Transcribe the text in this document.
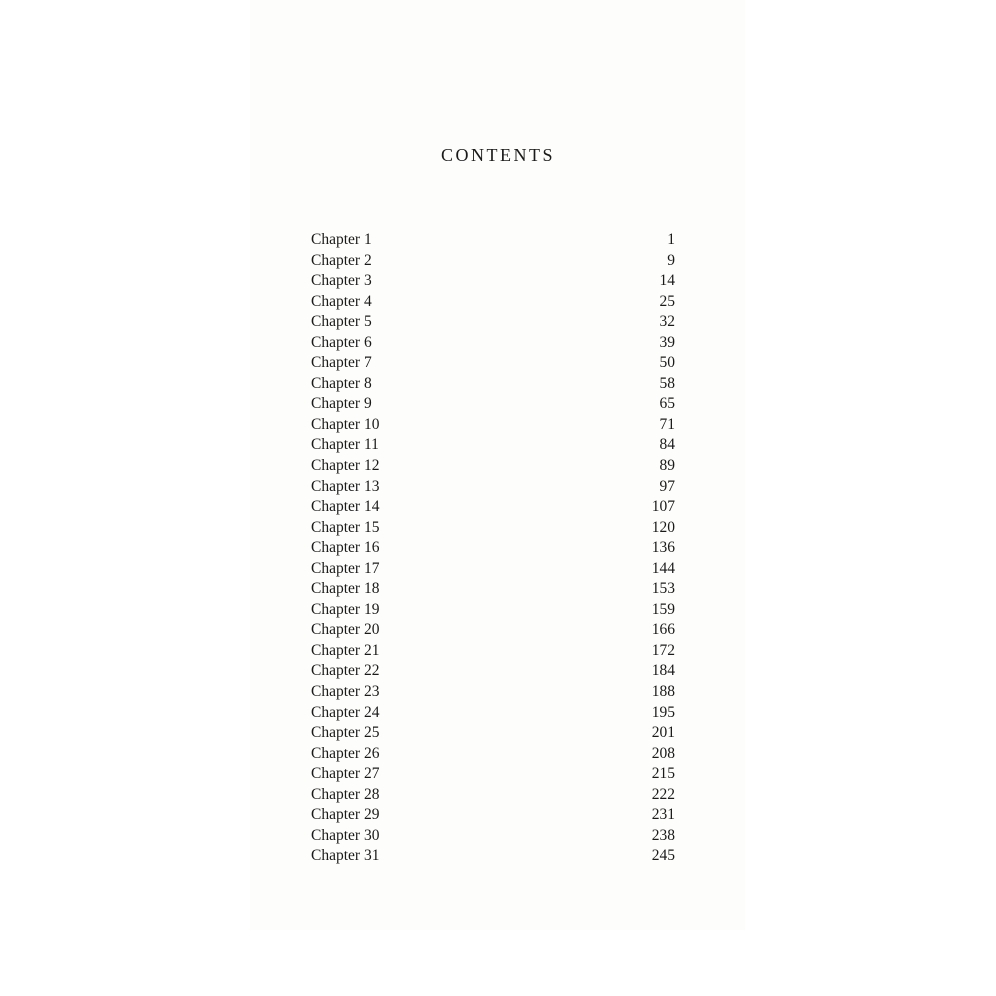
CONTENTS
Chapter 1	1
Chapter 2	9
Chapter 3	14
Chapter 4	25
Chapter 5	32
Chapter 6	39
Chapter 7	50
Chapter 8	58
Chapter 9	65
Chapter 10	71
Chapter 11	84
Chapter 12	89
Chapter 13	97
Chapter 14	107
Chapter 15	120
Chapter 16	136
Chapter 17	144
Chapter 18	153
Chapter 19	159
Chapter 20	166
Chapter 21	172
Chapter 22	184
Chapter 23	188
Chapter 24	195
Chapter 25	201
Chapter 26	208
Chapter 27	215
Chapter 28	222
Chapter 29	231
Chapter 30	238
Chapter 31	245
